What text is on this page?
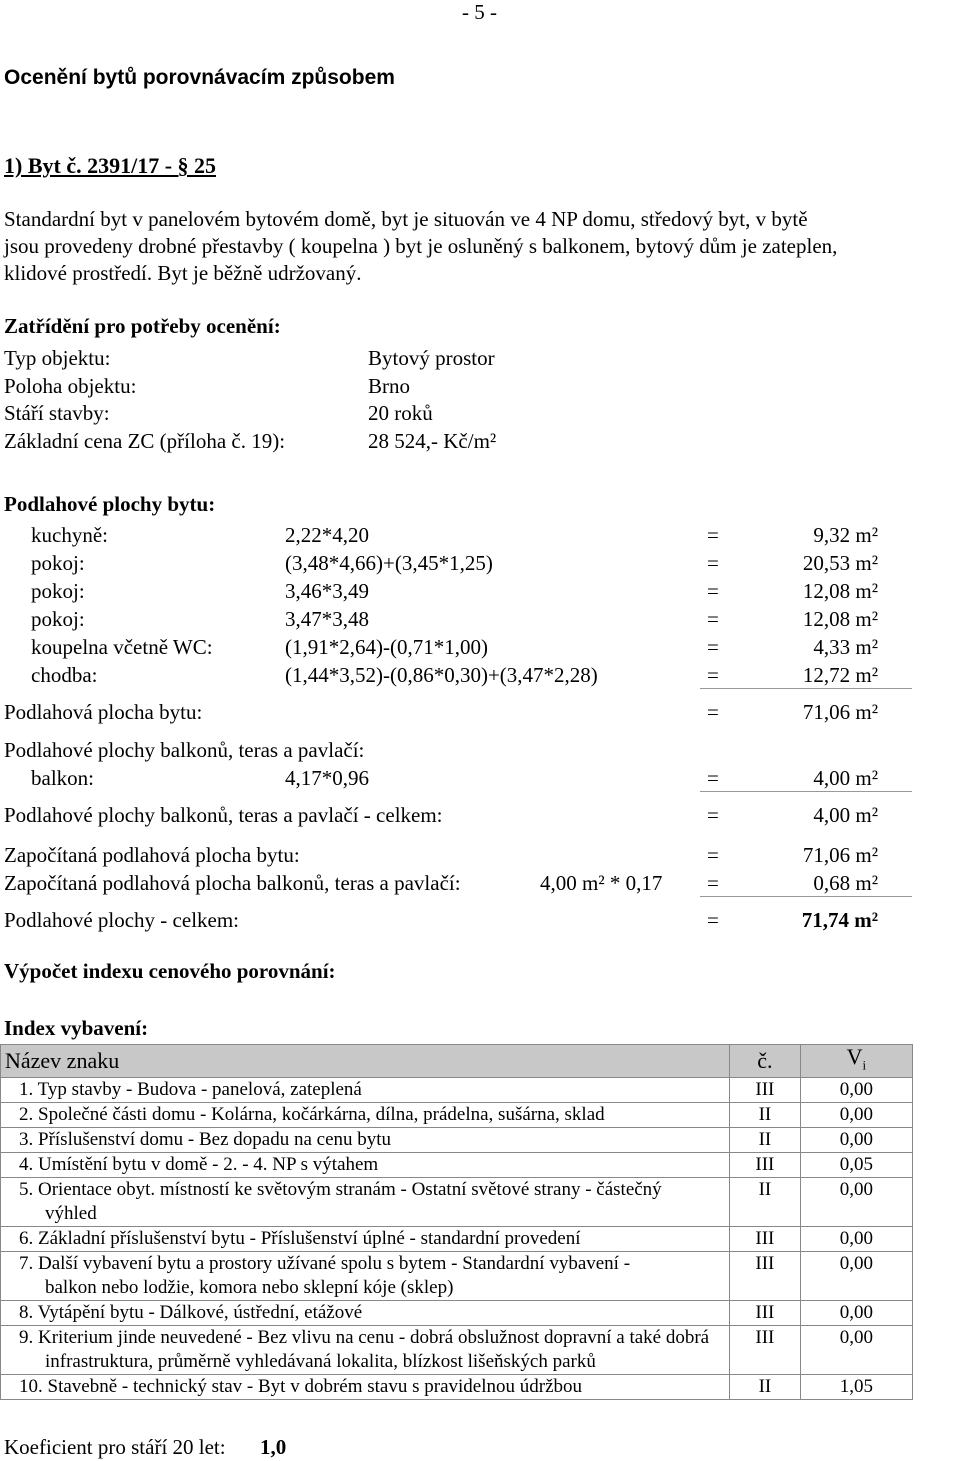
- 5 -
Ocenění bytů porovnávacím způsobem
1) Byt č. 2391/17 - § 25
Standardní byt v panelovém bytovém domě, byt je situován ve 4 NP domu, středový byt, v bytě
jsou provedeny drobné přestavby ( koupelna ) byt je osluněný s balkonem, bytový dům je zateplen,
klidové prostředí. Byt je běžně udržovaný.
Zatřídění pro potřeby ocenění:
Typ objektu:	Bytový prostor
Poloha objektu:	Brno
Stáří stavby:	20 roků
Základní cena ZC (příloha č. 19):	28 524,- Kč/m²
Podlahové plochy bytu:
kuchyně:	2,22*4,20	=	9,32 m²
pokoj:	(3,48*4,66)+(3,45*1,25)	=	20,53 m²
pokoj:	3,46*3,49	=	12,08 m²
pokoj:	3,47*3,48	=	12,08 m²
koupelna včetně WC:	(1,91*2,64)-(0,71*1,00)	=	4,33 m²
chodba:	(1,44*3,52)-(0,86*0,30)+(3,47*2,28)	=	12,72 m²
Podlahová plocha bytu:	=	71,06 m²
Podlahové plochy balkonů, teras a pavlačí:
balkon:	4,17*0,96	=	4,00 m²
Podlahové plochy balkonů, teras a pavlačí - celkem:	=	4,00 m²
Započítaná podlahová plocha bytu:	=	71,06 m²
Započítaná podlahová plocha balkonů, teras a pavlačí:	4,00 m² * 0,17 =	0,68 m²
Podlahové plochy - celkem:	=	71,74 m²
Výpočet indexu cenového porovnání:
Index vybavení:
Název znaku	č.	$V_i$

1. Typ stavby - Budova - panelová, zateplená	III	0,00

2. Společné části domu - Kolárna, kočárkárna, dílna, prádelna, sušárna, sklad	II	0,00

3. Příslušenství domu - Bez dopadu na cenu bytu	II	0,00

4. Umístění bytu v domě - 2. - 4. NP s výtahem	III	0,05

5. Orientace obyt. místností ke světovým stranám - Ostatní světové strany - částečný výhled	II	0,00

6. Základní příslušenství bytu - Příslušenství úplné - standardní provedení	III	0,00

7. Další vybavení bytu a prostory užívané spolu s bytem - Standardní vybavení - balkon nebo lodžie, komora nebo sklepní kóje (sklep)	III	0,00

8. Vytápění bytu - Dálkové, ústřední, etážové	III	0,00

9. Kriterium jinde neuvedené - Bez vlivu na cenu - dobrá obslužnost dopravní a také dobrá infrastruktura, průměrně vyhledávaná lokalita, blízkost lišeňských parků	III	0,00

10. Stavebně - technický stav - Byt v dobrém stavu s pravidelnou údržbou	II	1,05
Koeficient pro stáří 20 let: 1,0
